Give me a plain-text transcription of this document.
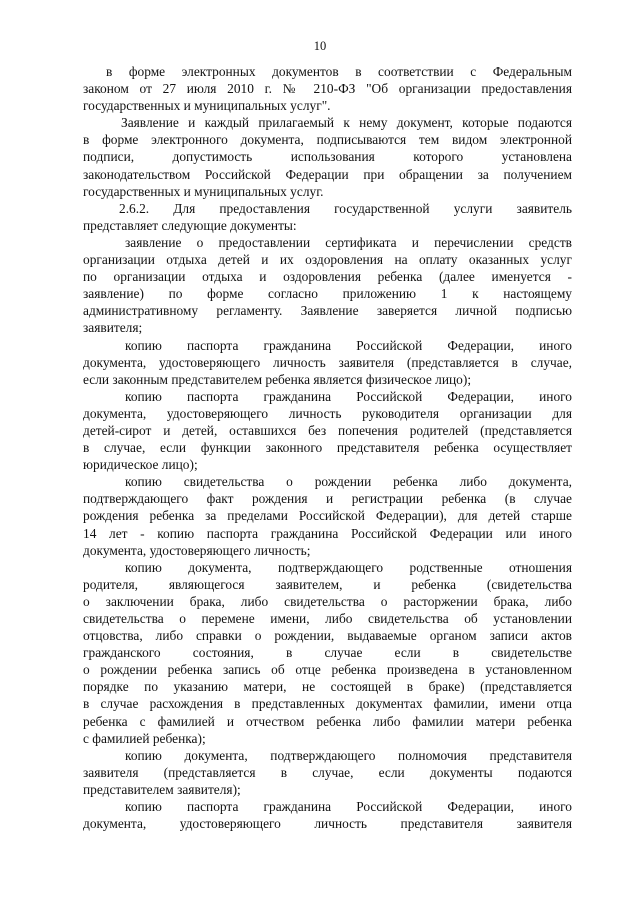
10

в форме электронных документов в соответствии с Федеральным
законом от 27 июля 2010 г. № 210-ФЗ "Об организации предоставления
государственных и муниципальных услуг".

Заявление и каждый прилагаемый к нему документ, которые подаются
в форме электронного документа, подписываются тем видом электронной
подписи, допустимость использования которого установлена
законодательством Российской Федерации при обращении за получением
государственных и муниципальных услуг.

2.6.2. Для предоставления государственной услуги заявитель
представляет следующие документы:

заявление о предоставлении сертификата и перечислении средств
организации отдыха детей и их оздоровления на оплату оказанных услуг
по организации отдыха и оздоровления ребенка (далее именуется -
заявление) по форме согласно приложению 1 к настоящему
административному регламенту. Заявление заверяется личной подписью
заявителя;

копию паспорта гражданина Российской Федерации, иного
документа, удостоверяющего личность заявителя (представляется в случае,
если законным представителем ребенка является физическое лицо);

копию паспорта гражданина Российской Федерации, иного
документа, удостоверяющего личность руководителя организации для
детей-сирот и детей, оставшихся без попечения родителей (представляется
в случае, если функции законного представителя ребенка осуществляет
юридическое лицо);

копию свидетельства о рождении ребенка либо документа,
подтверждающего факт рождения и регистрации ребенка (в случае
рождения ребенка за пределами Российской Федерации), для детей старше
14 лет - копию паспорта гражданина Российской Федерации или иного
документа, удостоверяющего личность;

копию документа, подтверждающего родственные отношения
родителя, являющегося заявителем, и ребенка (свидетельства
о заключении брака, либо свидетельства о расторжении брака, либо
свидетельства о перемене имени, либо свидетельства об установлении
отцовства, либо справки о рождении, выдаваемые органом записи актов
гражданского состояния, в случае если в свидетельстве
о рождении ребенка запись об отце ребенка произведена в установленном
порядке по указанию матери, не состоящей в браке) (представляется
в случае расхождения в представленных документах фамилии, имени отца
ребенка с фамилией и отчеством ребенка либо фамилии матери ребенка
с фамилией ребенка);

копию документа, подтверждающего полномочия представителя
заявителя (представляется в случае, если документы подаются
представителем заявителя);

копию паспорта гражданина Российской Федерации, иного
документа, удостоверяющего личность представителя заявителя
